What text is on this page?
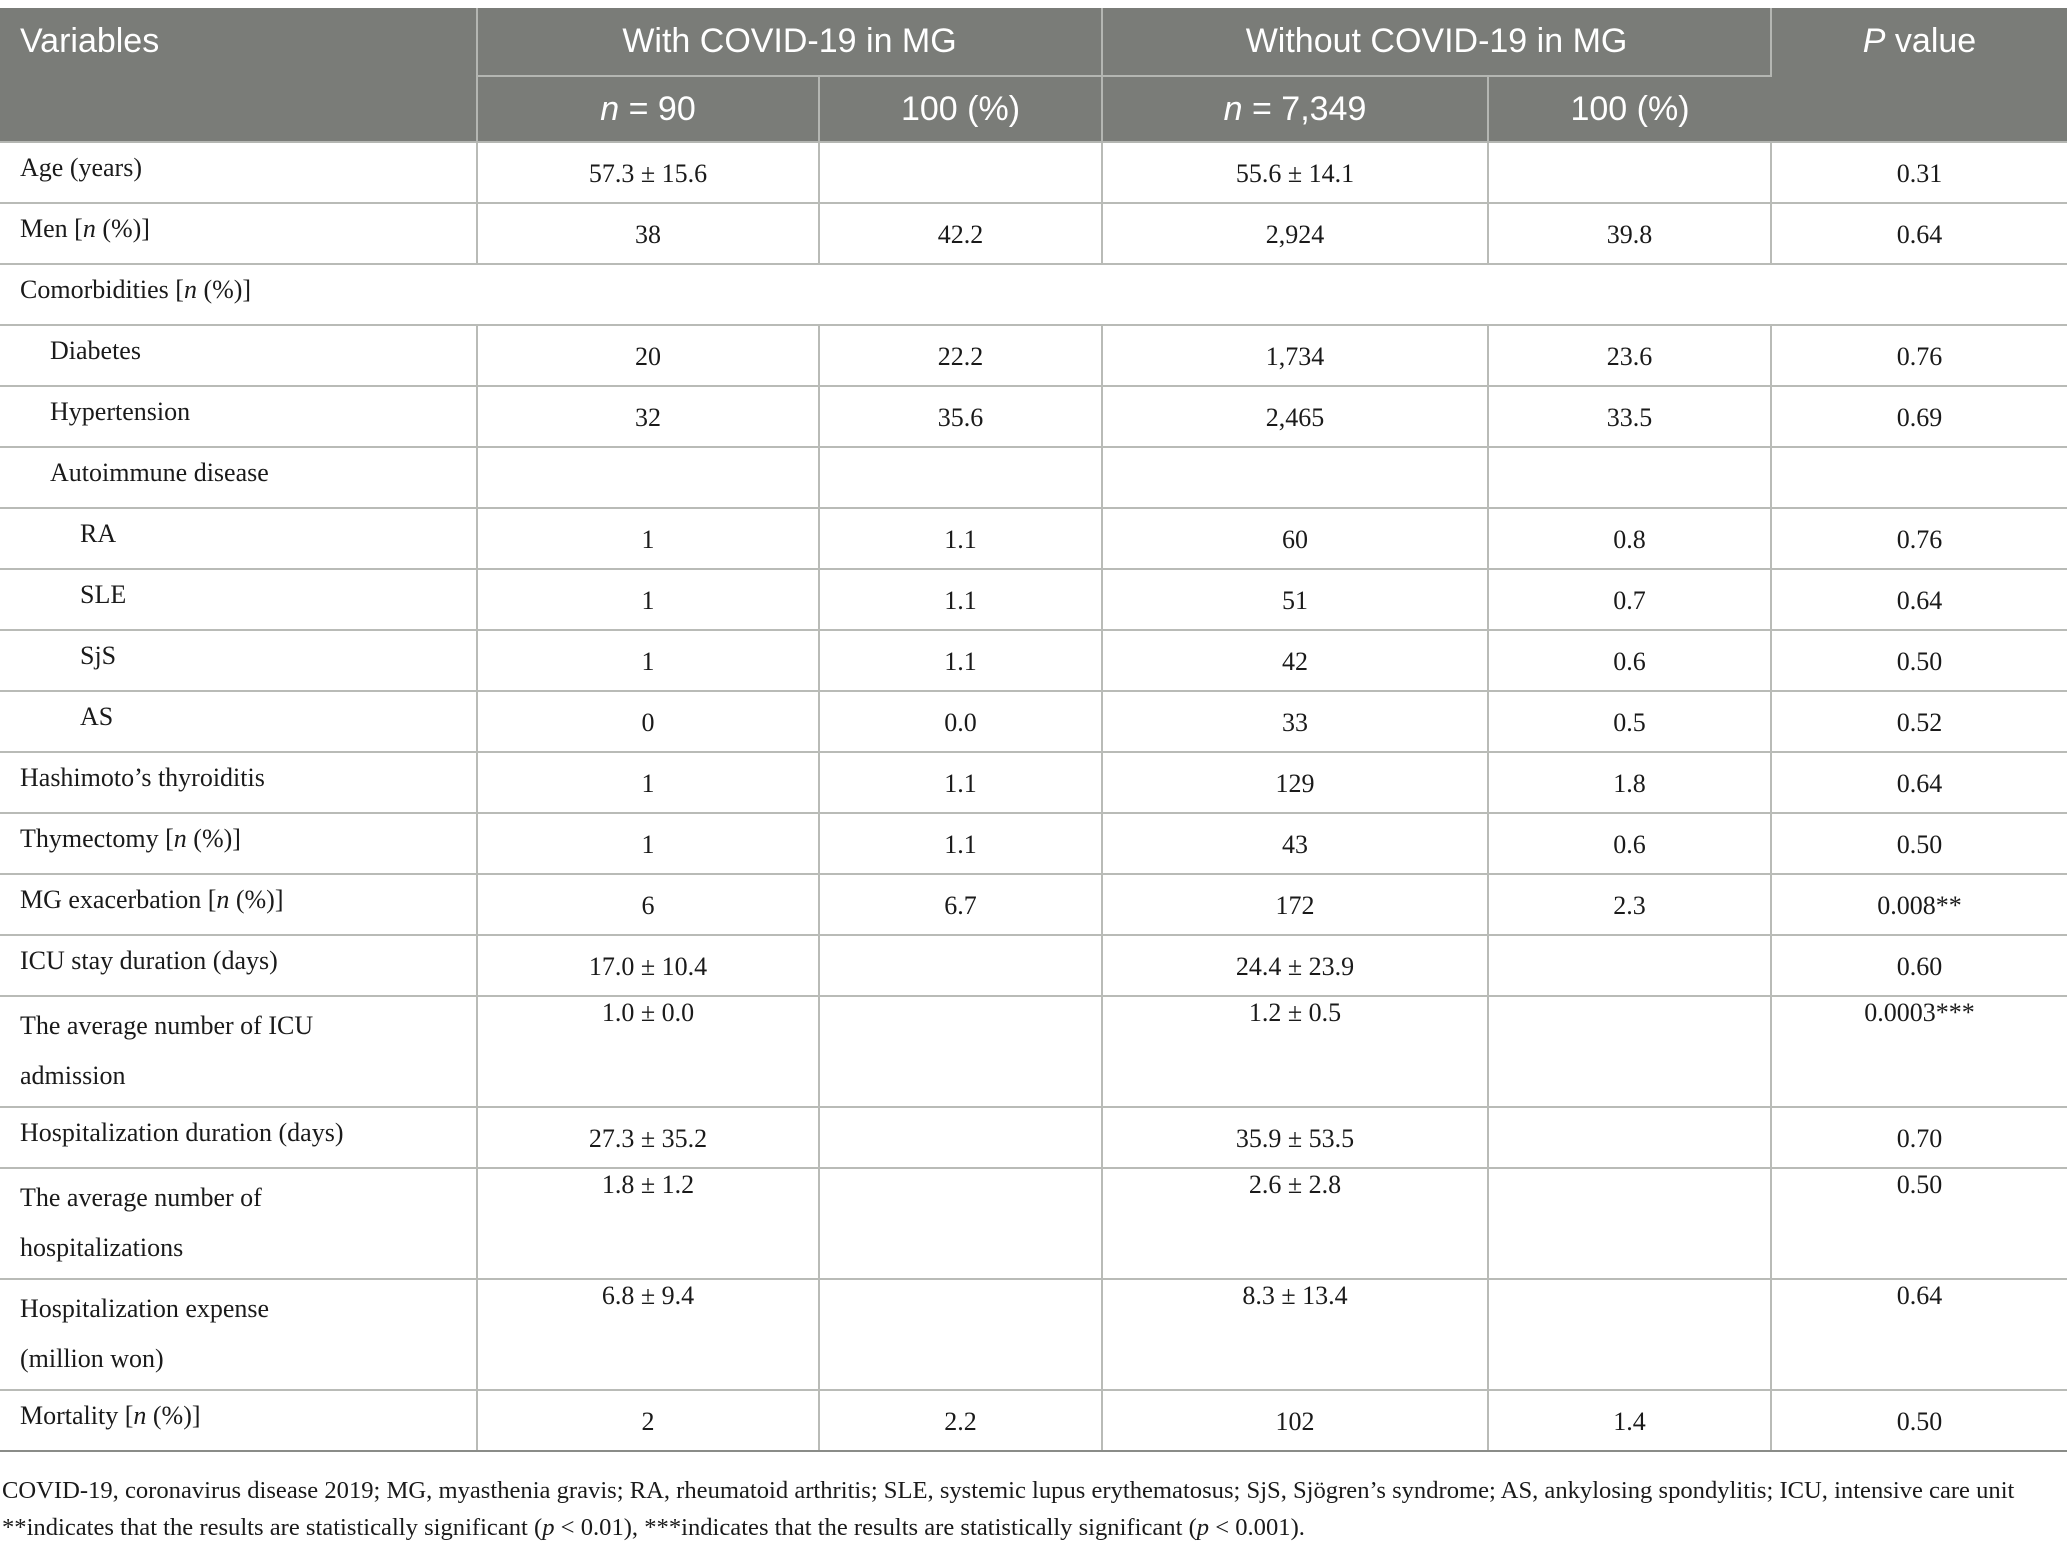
Variables	With COVID-19 in MG		Without COVID-19 in MG		P value
	n = 90	100 (%)	n = 7,349	100 (%)	
Age (years)	57.3 ± 15.6		55.6 ± 14.1		0.31
Men [n (%)]	38	42.2	2,924	39.8	0.64
Comorbidities [n (%)]					
Diabetes	20	22.2	1,734	23.6	0.76
Hypertension	32	35.6	2,465	33.5	0.69
Autoimmune disease					
RA	1	1.1	60	0.8	0.76
SLE	1	1.1	51	0.7	0.64
SjS	1	1.1	42	0.6	0.50
AS	0	0.0	33	0.5	0.52
Hashimoto’s thyroiditis	1	1.1	129	1.8	0.64
Thymectomy [n (%)]	1	1.1	43	0.6	0.50
MG exacerbation [n (%)]	6	6.7	172	2.3	0.008**
ICU stay duration (days)	17.0 ± 10.4		24.4 ± 23.9		0.60

The average number of ICU
admission	1.0 ± 0.0		1.2 ± 0.5		0.0003***
Hospitalization duration (days)	27.3 ± 35.2		35.9 ± 53.5		0.70

The average number of
hospitalizations	1.8 ± 1.2		2.6 ± 2.8		0.50

Hospitalization expense
(million won)	6.8 ± 9.4		8.3 ± 13.4		0.64
Mortality [n (%)]	2	2.2	102	1.4	0.50
COVID-19, coronavirus disease 2019; MG, myasthenia gravis; RA, rheumatoid arthritis; SLE, systemic lupus erythematosus; SjS, Sjögren’s syndrome; AS, ankylosing spondylitis; ICU, intensive care unit **indicates that the results are statistically significant (p < 0.01), ***indicates that the results are statistically significant (p < 0.001).
